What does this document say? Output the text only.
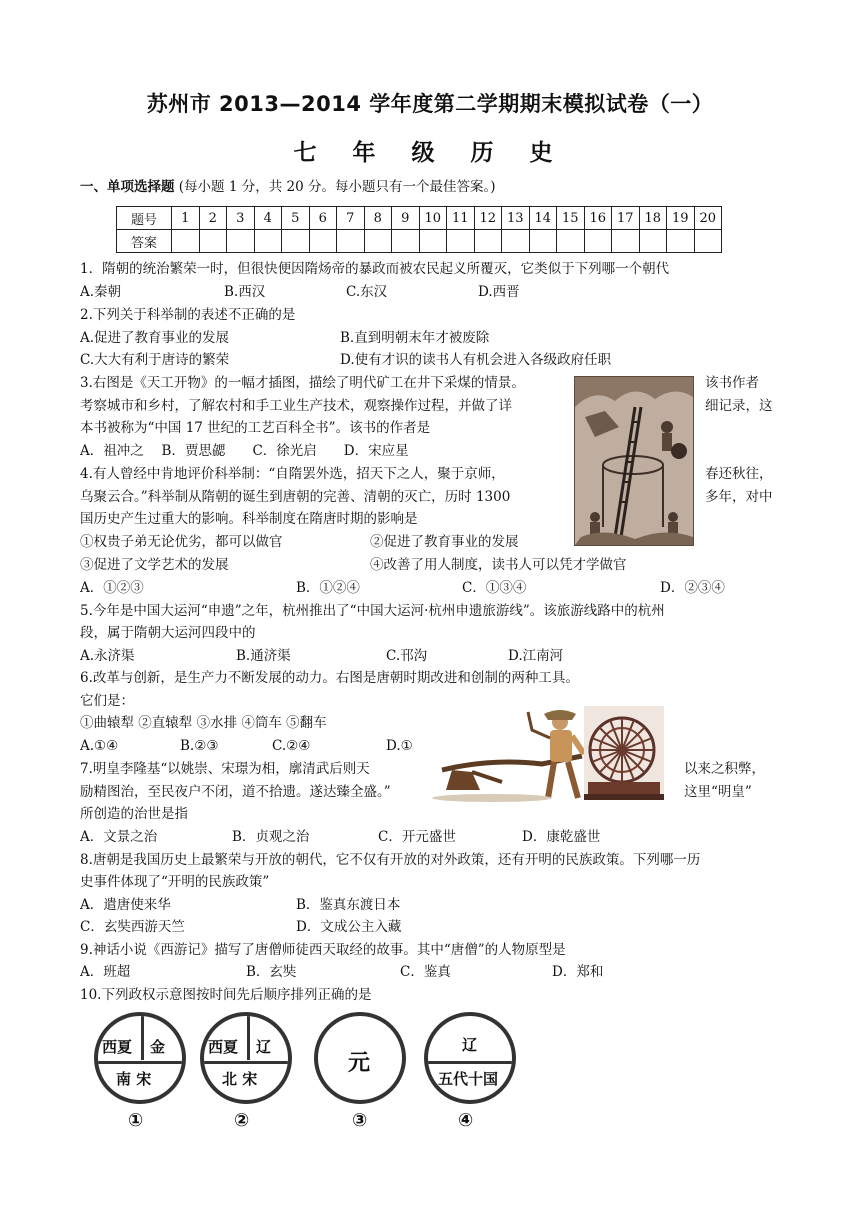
苏州市 2013—2014 学年度第二学期期末模拟试卷（一）
七 年 级 历 史
一、单项选择题 (每小题 1 分，共 20 分。每小题只有一个最佳答案。)
题号	1	2	3	4	5	6	7	8	9	10	11	12	13	14	15	16	17	18	19	20
答案																				
1．隋朝的统治繁荣一时，但很快便因隋炀帝的暴政而被农民起义所覆灭，它类似于下列哪一个朝代
A.秦朝	B.西汉	C.东汉	D.西晋
2.下列关于科举制的表述不正确的是
A.促进了教育事业的发展	B.直到明朝末年才被废除
C.大大有利于唐诗的繁荣	D.使有才识的读书人有机会进入各级政府任职
3.右图是《天工开物》的一幅才插图，描绘了明代矿工在井下采煤的情景。	该书作者
考察城市和乡村，了解农村和手工业生产技术，观察操作过程，并做了详	细记录，这
本书被称为“中国 17 世纪的工艺百科全书”。该书的作者是
A．祖冲之　 B．贾思勰　　C．徐光启　　D．宋应星
4.有人曾经中肯地评价科举制：“自隋罢外选，招天下之人，聚于京师，	春还秋往，
乌聚云合。”科举制从隋朝的诞生到唐朝的完善、清朝的灭亡，历时 1300	多年，对中
国历史产生过重大的影响。科举制度在隋唐时期的影响是
①权贵子弟无论优劣，都可以做官	②促进了教育事业的发展
③促进了文学艺术的发展	④改善了用人制度，读书人可以凭才学做官
A．①②③	B．①②④	C．①③④	D．②③④
5.今年是中国大运河“申遗”之年，杭州推出了“中国大运河·杭州申遗旅游线”。该旅游线路中的杭州
段，属于隋朝大运河四段中的
A.永济渠	B.通济渠	C.邗沟	D.江南河
6.改革与创新，是生产力不断发展的动力。右图是唐朝时期改进和创制的两种工具。
它们是：
①曲辕犁 ②直辕犁 ③水排 ④筒车 ⑤翻车
A.①④	B.②③	C.②④	D.①
7.明皇李隆基“以姚崇、宋璟为相，廓清武后则天	以来之积弊，
励精图治，至民夜户不闭，道不拾遗。遂达臻全盛。”	这里“明皇”
所创造的治世是指
A．文景之治	B．贞观之治	C．开元盛世	D．康乾盛世
8.唐朝是我国历史上最繁荣与开放的朝代，它不仅有开放的对外政策，还有开明的民族政策。下列哪一历
史事件体现了“开明的民族政策”
A．遣唐使来华	B．鉴真东渡日本
C．玄奘西游天竺	D．文成公主入藏
9.神话小说《西游记》描写了唐僧师徒西天取经的故事。其中“唐僧”的人物原型是
A．班超	B．玄奘	C．鉴真	D．郑和
10.下列政权示意图按时间先后顺序排列正确的是
西夏 金
南 宋
①
西夏 辽
北 宋
②
元
③
辽
五代十国
④
